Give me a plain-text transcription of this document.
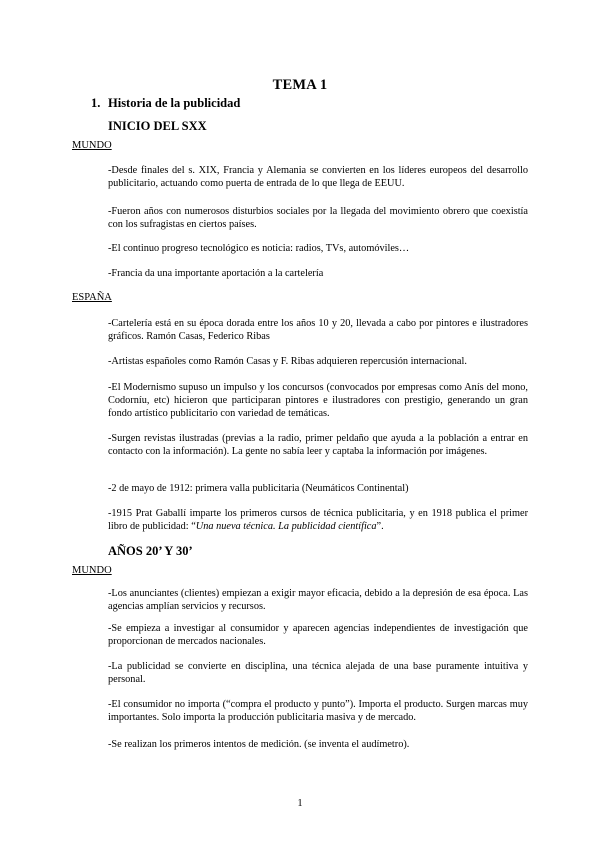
TEMA 1
1. Historia de la publicidad
INICIO DEL SXX
MUNDO

-Desde finales del s. XIX, Francia y Alemania se convierten en los líderes europeos del desarrollo publicitario, actuando como puerta de entrada de lo que llega de EEUU.

-Fueron años con numerosos disturbios sociales por la llegada del movimiento obrero que coexistía con los sufragistas en ciertos países.

-El continuo progreso tecnológico es noticia: radios, TVs, automóviles…

-Francia da una importante aportación a la cartelería

ESPAÑA

-Cartelería está en su época dorada entre los años 10 y 20, llevada a cabo por pintores e ilustradores gráficos. Ramón Casas, Federico Ribas

-Artistas españoles como Ramón Casas y F. Ribas adquieren repercusión internacional.

-El Modernismo supuso un impulso y los concursos (convocados por empresas como Anís del mono, Codorníu, etc) hicieron que participaran pintores e ilustradores con prestigio, generando un gran fondo artístico publicitario con variedad de temáticas.

-Surgen revistas ilustradas (previas a la radio, primer peldaño que ayuda a la población a entrar en contacto con la información). La gente no sabía leer y captaba la información por imágenes.

-2 de mayo de 1912: primera valla publicitaria (Neumáticos Continental)

-1915 Prat Gaballí imparte los primeros cursos de técnica publicitaria, y en 1918 publica el primer libro de publicidad: “Una nueva técnica. La publicidad científica”.

AÑOS 20’ Y 30’
MUNDO

-Los anunciantes (clientes) empiezan a exigir mayor eficacia, debido a la depresión de esa época. Las agencias amplían servicios y recursos.

-Se empieza a investigar al consumidor y aparecen agencias independientes de investigación que proporcionan de mercados nacionales.

-La publicidad se convierte en disciplina, una técnica alejada de una base puramente intuitiva y personal.

-El consumidor no importa (“compra el producto y punto”). Importa el producto. Surgen marcas muy importantes. Solo importa la producción publicitaria masiva y de mercado.

-Se realizan los primeros intentos de medición. (se inventa el audímetro).

1
